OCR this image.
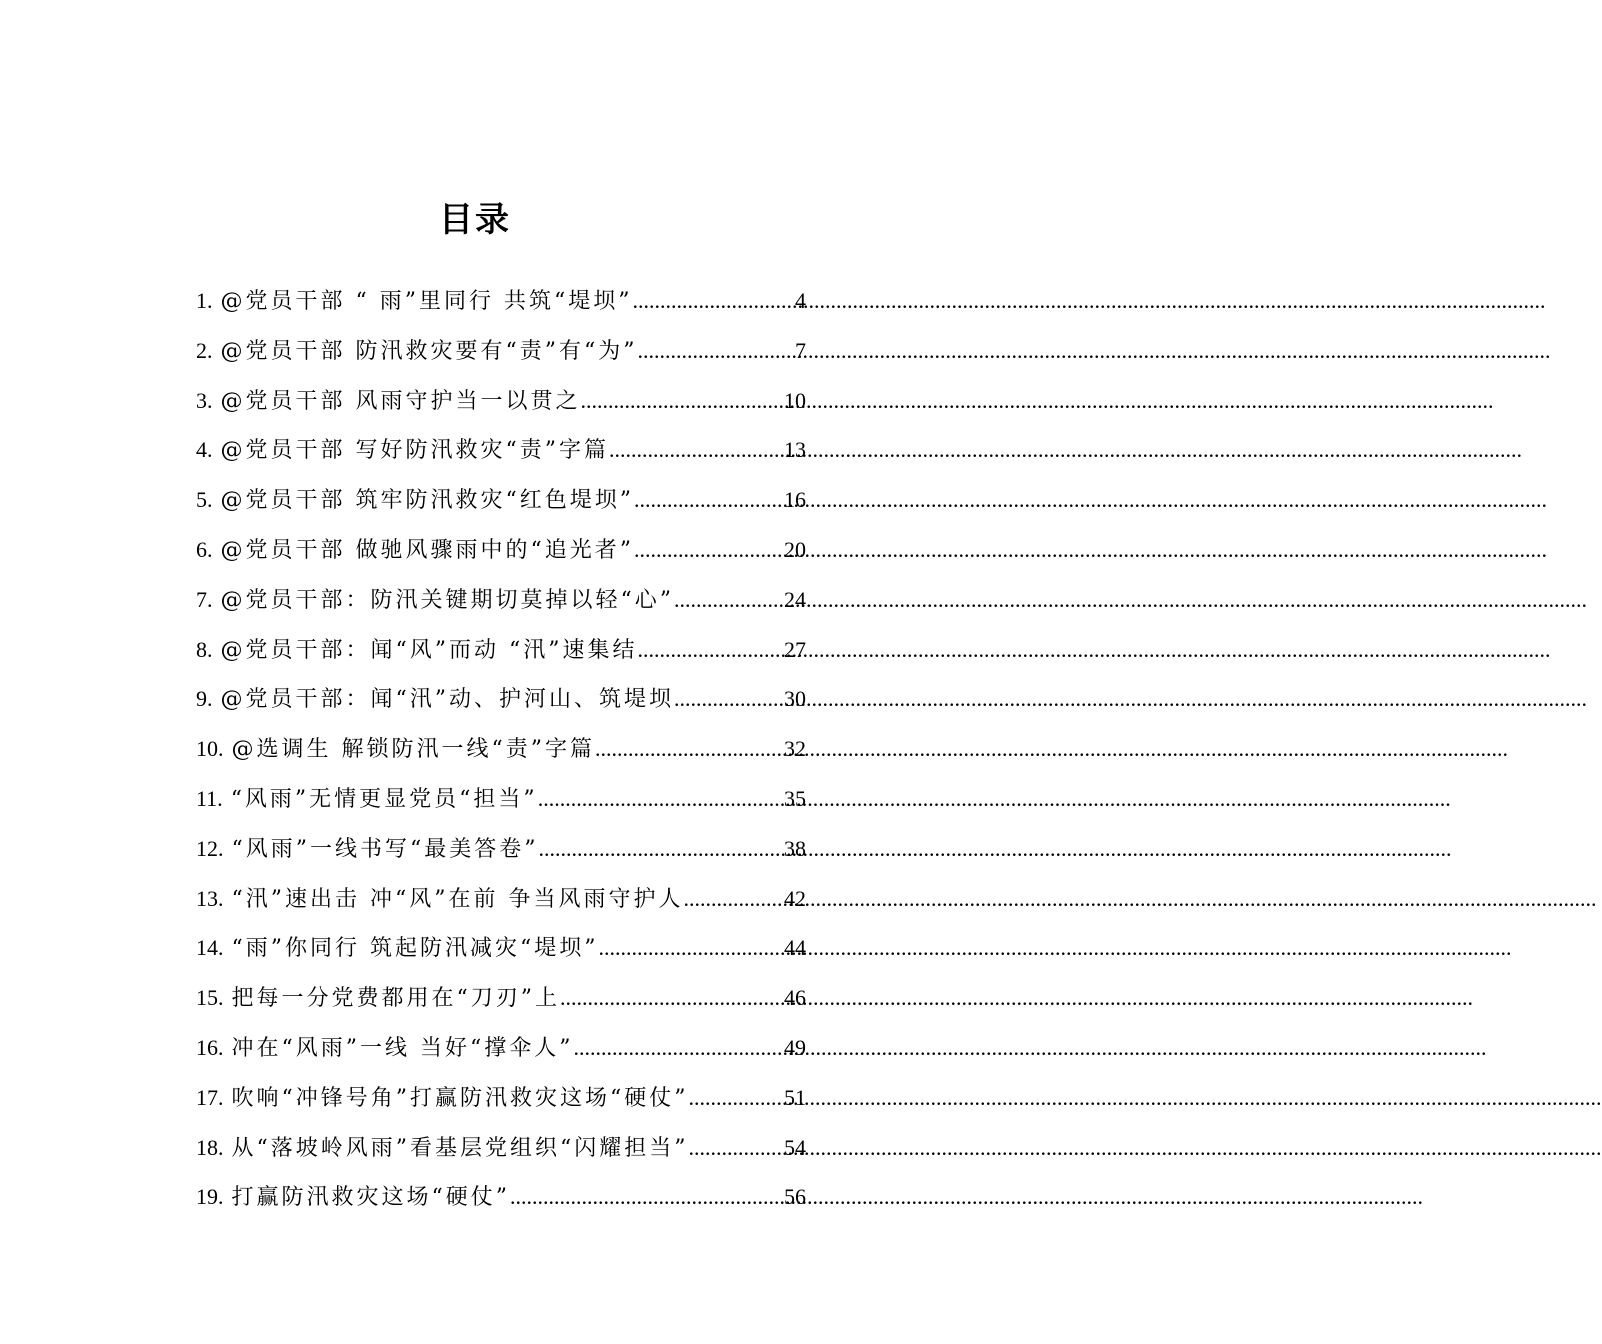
目录
1. @党员干部 “ 雨”里同行 共筑“堤坝” .....	4
2. @党员干部 防汛救灾要有“责”有“为” .....	7
3. @党员干部 风雨守护当一以贯之 .....	10
4. @党员干部 写好防汛救灾“责”字篇 .....	13
5. @党员干部 筑牢防汛救灾“红色堤坝” .....	16
6. @党员干部 做驰风骤雨中的“追光者” .....	20
7. @党员干部：防汛关键期切莫掉以轻“心” .....	24
8. @党员干部：闻“风”而动 “汛”速集结 .....	27
9. @党员干部：闻“汛”动、护河山、筑堤坝 .....	30
10. @选调生 解锁防汛一线“责”字篇 .....	32
11. “风雨”无情更显党员“担当” .....	35
12. “风雨”一线书写“最美答卷” .....	38
13. “汛”速出击 冲“风”在前 争当风雨守护人 .....	42
14. “雨”你同行 筑起防汛减灾“堤坝” .....	44
15. 把每一分党费都用在“刀刃”上 .....	46
16. 冲在“风雨”一线 当好“撑伞人” .....	49
17. 吹响“冲锋号角”打赢防汛救灾这场“硬仗” .....	51
18. 从“落坡岭风雨”看基层党组织“闪耀担当” .....	54
19. 打赢防汛救灾这场“硬仗” .....	56
